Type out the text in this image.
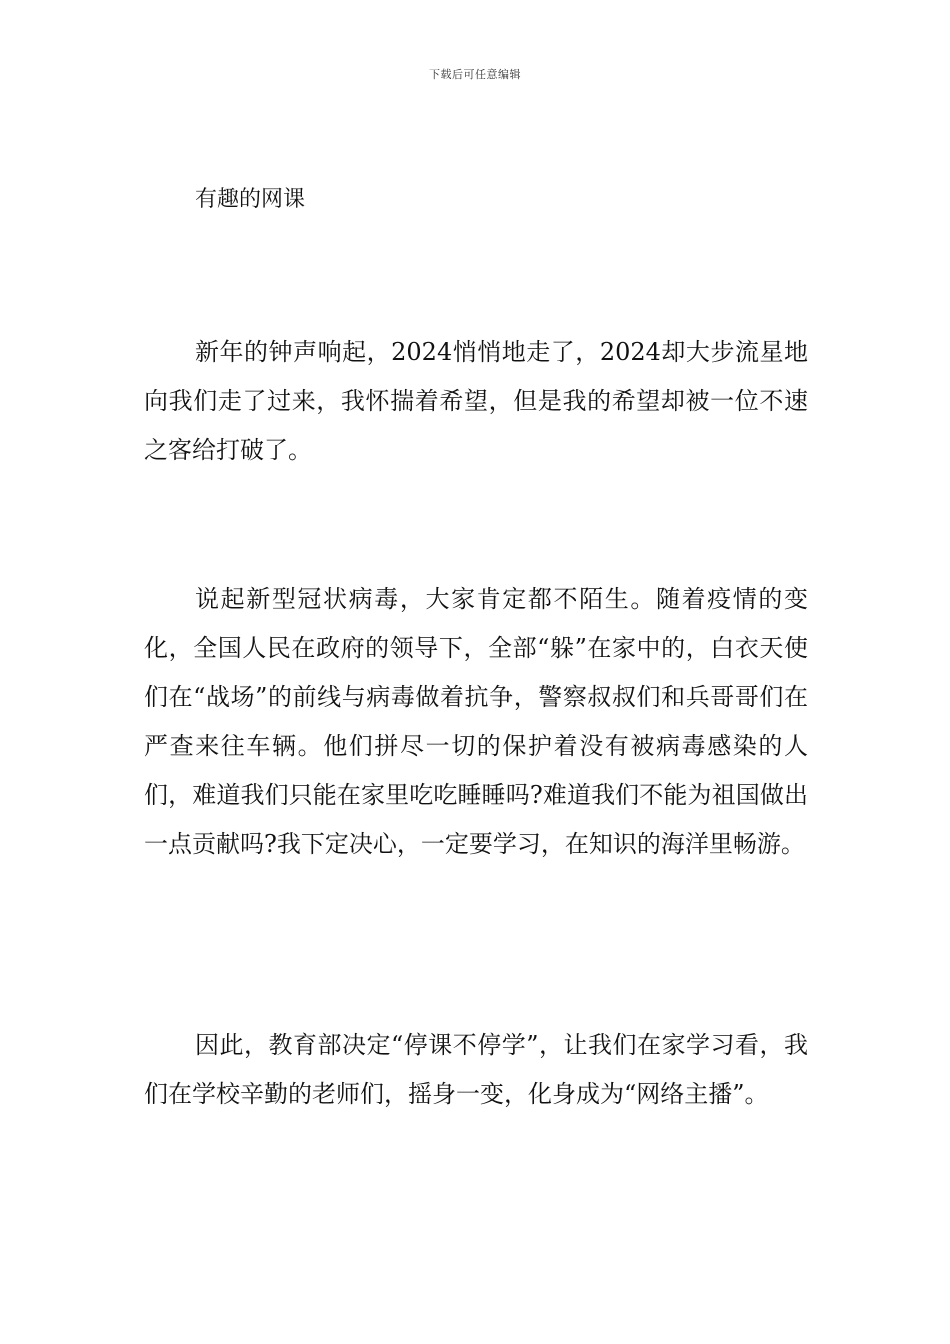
下载后可任意编辑
有趣的网课

新年的钟声响起，2024悄悄地走了，2024却大步流星地向我们走了过来，我怀揣着希望，但是我的希望却被一位不速之客给打破了。

说起新型冠状病毒，大家肯定都不陌生。随着疫情的变化，全国人民在政府的领导下，全部“躲”在家中的，白衣天使们在“战场”的前线与病毒做着抗争，警察叔叔们和兵哥哥们在严查来往车辆。他们拼尽一切的保护着没有被病毒感染的人们，难道我们只能在家里吃吃睡睡吗?难道我们不能为祖国做出一点贡献吗?我下定决心，一定要学习，在知识的海洋里畅游。

因此，教育部决定“停课不停学”，让我们在家学习看，我们在学校辛勤的老师们，摇身一变，化身成为“网络主播”。
